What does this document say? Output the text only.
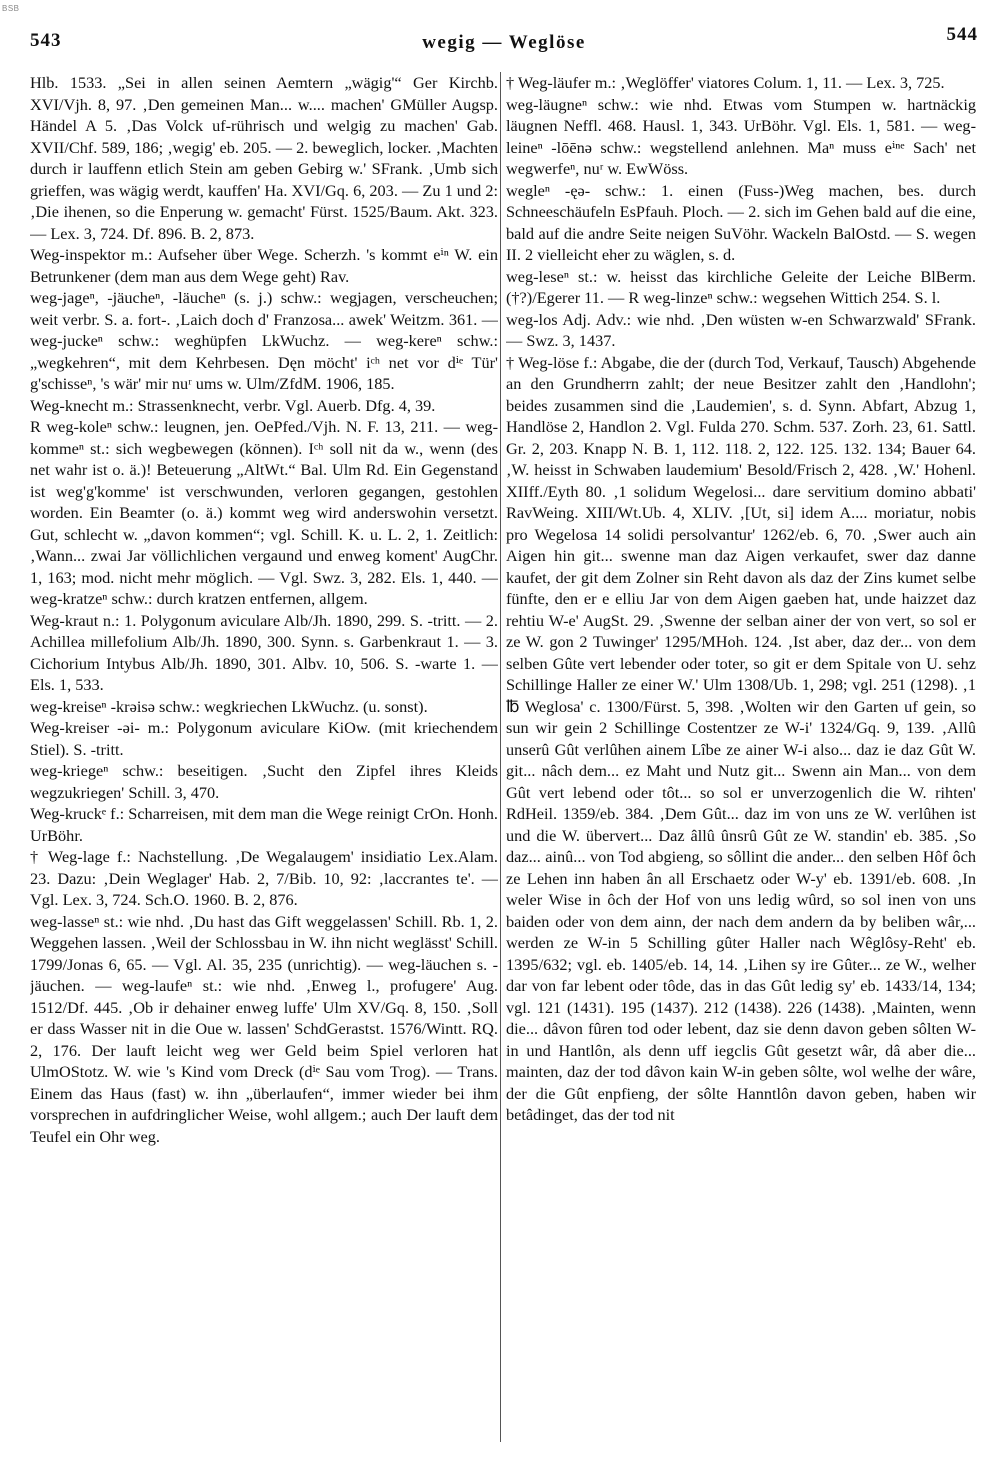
BSB
543	wegig — Weglöse	544

Hlb. 1533. „Sei in allen seinen Aemtern „wägig'“ Ger Kirchb. XVI/Vjh. 8, 97. ‚Den gemeinen Man... w.... machen' GMüller Augsp. Händel A 5. ‚Das Volck uf-rührisch und welgig zu machen' Gab. XVII/Chf. 589, 186; ‚wegig' eb. 205. — 2. beweglich, locker. ‚Machten durch ir lauffenn etlich Stein am geben Gebirg w.' SFrank. ‚Umb sich grieffen, was wägig werdt, kauffen' Ha. XVI/Gq. 6, 203. — Zu 1 und 2: ‚Die ihenen, so die Enperung w. gemacht' Fürst. 1525/Baum. Akt. 323. — Lex. 3, 724. Df. 896. B. 2, 873.

Weg-inspektor m.: Aufseher über Wege. Scherzh. 's kommt eⁱⁿ W. ein Betrunkener (dem man aus dem Wege geht) Rav.

weg-jageⁿ, -jäucheⁿ, -läucheⁿ (s. j.) schw.: wegjagen, verscheuchen; weit verbr. S. a. fort-. ‚Laich doch d' Franzosa... awek' Weitzm. 361. — weg-juckeⁿ schw.: weghüpfen LkWuchz. — weg-kereⁿ schw.: „wegkehren“, mit dem Kehrbesen. Dęn möcht' iᶜʰ net vor dⁱᵉ Tür' g'schisseⁿ, 's wär' mir nuʳ ums w. Ulm/ZfdM. 1906, 185.

Weg-knecht m.: Strassenknecht, verbr. Vgl. Auerb. Dfg. 4, 39.

R weg-koleⁿ schw.: leugnen, jen. OePfed./Vjh. N. F. 13, 211. — weg-kommeⁿ st.: sich wegbewegen (können). Iᶜʰ soll nit da w., wenn (des net wahr ist o. ä.)! Beteuerung „AltWt.“ Bal. Ulm Rd. Ein Gegenstand ist weg'g'komme' ist verschwunden, verloren gegangen, gestohlen worden. Ein Beamter (o. ä.) kommt weg wird anderswohin versetzt. Gut, schlecht w. „davon kommen“; vgl. Schill. K. u. L. 2, 1. Zeitlich: ‚Wann... zwai Jar völlichlichen vergaund und enweg koment' AugChr. 1, 163; mod. nicht mehr möglich. — Vgl. Swz. 3, 282. Els. 1, 440. — weg-kratzeⁿ schw.: durch kratzen entfernen, allgem.

Weg-kraut n.: 1. Polygonum aviculare Alb/Jh. 1890, 299. S. -tritt. — 2. Achillea millefolium Alb/Jh. 1890, 300. Synn. s. Garbenkraut 1. — 3. Cichorium Intybus Alb/Jh. 1890, 301. Albv. 10, 506. S. -warte 1. — Els. 1, 533.

weg-kreiseⁿ -krəisə schw.: wegkriechen LkWuchz. (u. sonst).

Weg-kreiser -əi- m.: Polygonum aviculare KiOw. (mit kriechendem Stiel). S. -tritt.

weg-kriegeⁿ schw.: beseitigen. ‚Sucht den Zipfel ihres Kleids wegzukriegen' Schill. 3, 470.

Weg-kruckᵉ f.: Scharreisen, mit dem man die Wege reinigt CrOn. Honh. UrBöhr.

† Weg-lage f.: Nachstellung. ‚De Wegalaugem' insidiatio Lex.Alam. 23. Dazu: ‚Dein Weglager' Hab. 2, 7/Bib. 10, 92: ‚laccrantes te'. — Vgl. Lex. 3, 724. Sch.O. 1960. B. 2, 876.

weg-lasseⁿ st.: wie nhd. ‚Du hast das Gift weggelassen' Schill. Rb. 1, 2. Weggehen lassen. ‚Weil der Schlossbau in W. ihn nicht weglässt' Schill. 1799/Jonas 6, 65. — Vgl. Al. 35, 235 (unrichtig). — weg-läuchen s. -jäuchen. — weg-laufeⁿ st.: wie nhd. ‚Enweg l., profugere' Aug. 1512/Df. 445. ‚Ob ir dehainer enweg luffe' Ulm XV/Gq. 8, 150. ‚Soll er dass Wasser nit in die Oue w. lassen' SchdGerastst. 1576/Wintt. RQ. 2, 176. Der lauft leicht weg wer Geld beim Spiel verloren hat UlmOStotz. W. wie 's Kind vom Dreck (dⁱᵉ Sau vom Trog). — Trans. Einem das Haus (fast) w. ihn „überlaufen“, immer wieder bei ihm vorsprechen in aufdringlicher Weise, wohl allgem.; auch Der lauft dem Teufel ein Ohr weg.

† Weg-läufer m.: ‚Weglöffer' viatores Colum. 1, 11. — Lex. 3, 725.

weg-läugneⁿ schw.: wie nhd. Etwas vom Stumpen w. hartnäckig läugnen Neffl. 468. Hausl. 1, 343. UrBöhr. Vgl. Els. 1, 581. — weg-leineⁿ -lōēnə schw.: wegstellend anlehnen. Maⁿ muss eⁱⁿᵉ Sach' net wegwerfeⁿ, nuʳ w. EwWöss.

wegleⁿ -ęə- schw.: 1. einen (Fuss-)Weg machen, bes. durch Schneeschäufeln EsPfauh. Ploch. — 2. sich im Gehen bald auf die eine, bald auf die andre Seite neigen SuVöhr. Wackeln BalOstd. — S. wegen II. 2 vielleicht eher zu wäglen, s. d.

weg-leseⁿ st.: w. heisst das kirchliche Geleite der Leiche BlBerm. (†?)/Egerer 11. — R weg-linzeⁿ schw.: wegsehen Wittich 254. S. l.

weg-los Adj. Adv.: wie nhd. ‚Den wüsten w-en Schwarzwald' SFrank. — Swz. 3, 1437.

† Weg-löse f.: Abgabe, die der (durch Tod, Verkauf, Tausch) Abgehende an den Grundherrn zahlt; der neue Besitzer zahlt den ‚Handlohn'; beides zusammen sind die ‚Laudemien', s. d. Synn. Abfart, Abzug 1, Handlöse 2, Handlon 2. Vgl. Fulda 270. Schm. 537. Zorh. 23, 61. Sattl. Gr. 2, 203. Knapp N. B. 1, 112. 118. 2, 122. 125. 132. 134; Bauer 64. ‚W. heisst in Schwaben laudemium' Besold/Frisch 2, 428. ‚W.' Hohenl. XIIff./Eyth 80. ‚1 solidum Wegelosi... dare servitium domino abbati' RavWeing. XIII/Wt.Ub. 4, XLIV. ‚[Ut, si] idem A.... moriatur, nobis pro Wegelosa 14 solidi persolvantur' 1262/eb. 6, 70. ‚Swer auch ain Aigen hin git... swenne man daz Aigen verkaufet, swer daz danne kaufet, der git dem Zolner sin Reht davon als daz der Zins kumet selbe fünfte, den er e elliu Jar von dem Aigen gaeben hat, unde haizzet daz rehtiu W-e' AugSt. 29. ‚Swenne der selban ainer der von vert, so sol er ze W. gon 2 Tuwinger' 1295/MHoh. 124. ‚Ist aber, daz der... von dem selben Gûte vert lebender oder toter, so git er dem Spitale von U. sehz Schillinge Haller ze einer W.' Ulm 1308/Ub. 1, 298; vgl. 251 (1298). ‚1 ℔ Weglosa' c. 1300/Fürst. 5, 398. ‚Wolten wir den Garten uf gein, so sun wir gein 2 Schillinge Costentzer ze W-i' 1324/Gq. 9, 139. ‚Allû unserû Gût verlûhen ainem Lîbe ze ainer W-i also... daz ie daz Gût W. git... nâch dem... ez Maht und Nutz git... Swenn ain Man... von dem Gût vert lebend oder tôt... so sol er unverzogenlich die W. rihten' RdHeil. 1359/eb. 384. ‚Dem Gût... daz im von uns ze W. verlûhen ist und die W. übervert... Daz âllû ûnsrû Gût ze W. standin' eb. 385. ‚So daz... ainû... von Tod abgieng, so sôllint die ander... den selben Hôf ôch ze Lehen inn haben ân all Erschaetz oder W-y' eb. 1391/eb. 608. ‚In weler Wise in ôch der Hof von uns ledig wûrd, so sol inen von uns baiden oder von dem ainn, der nach dem andern da by beliben wâr,... werden ze W-in 5 Schilling gûter Haller nach Wêglôsy-Reht' eb. 1395/632; vgl. eb. 1405/eb. 14, 14. ‚Lihen sy ire Gûter... ze W., welher dar von far lebent oder tôde, das in das Gût ledig sy' eb. 1433/14, 134; vgl. 121 (1431). 195 (1437). 212 (1438). 226 (1438). ‚Mainten, wenn die... dâvon fûren tod oder lebent, daz sie denn davon geben sôlten W-in und Hantlôn, als denn uff iegclis Gût gesetzt wâr, dâ aber die... mainten, daz der tod dâvon kain W-in geben sôlte, wol welhe der wâre, der die Gût enpfieng, der sôlte Hanntlôn davon geben, haben wir betâdinget, das der tod nit
